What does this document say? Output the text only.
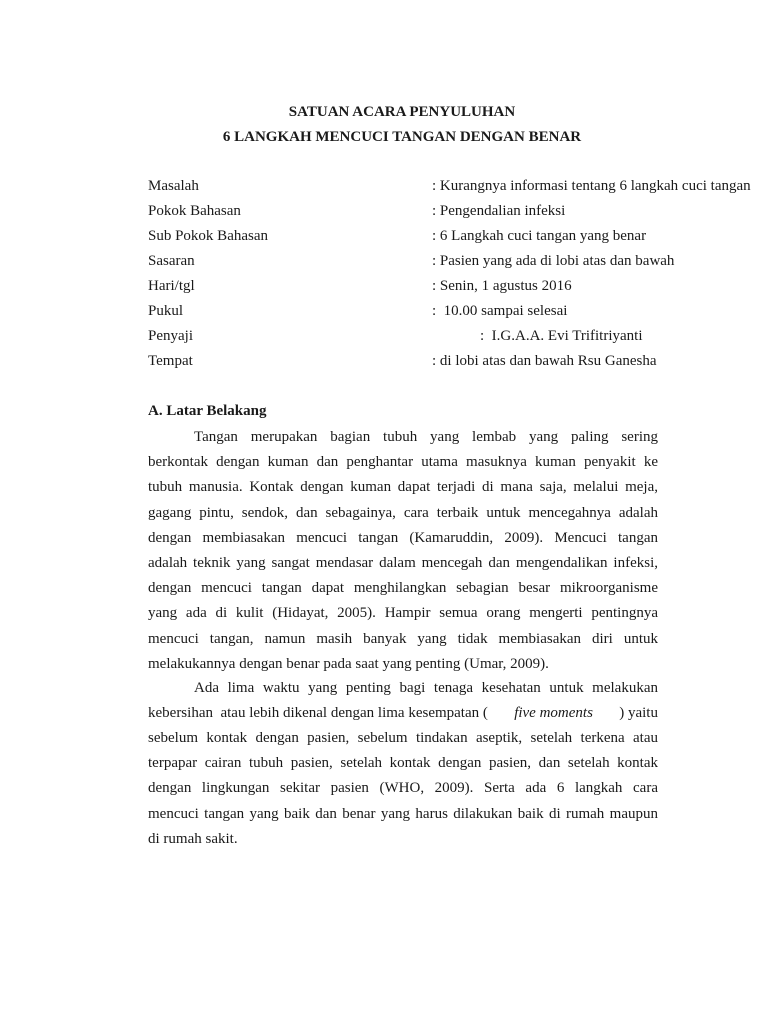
SATUAN ACARA PENYULUHAN
6 LANGKAH MENCUCI TANGAN DENGAN BENAR
Masalah	: Kurangnya informasi tentang 6 langkah cuci tangan
Pokok Bahasan	: Pengendalian infeksi
Sub Pokok Bahasan	: 6 Langkah cuci tangan yang benar
Sasaran	: Pasien yang ada di lobi atas dan bawah
Hari/tgl	: Senin, 1 agustus 2016
Pukul	:  10.00 sampai selesai
Penyaji	:  I.G.A.A. Evi Trifitriyanti
Tempat	: di lobi atas dan bawah Rsu Ganesha
A. Latar Belakang
Tangan merupakan bagian tubuh yang lembab yang paling sering
berkontak dengan kuman dan penghantar utama masuknya kuman penyakit ke
tubuh manusia. Kontak dengan kuman dapat terjadi di mana saja, melalui meja,
gagang pintu, sendok, dan sebagainya, cara terbaik untuk mencegahnya adalah
dengan membiasakan mencuci tangan (Kamaruddin, 2009). Mencuci tangan
adalah teknik yang sangat mendasar dalam mencegah dan mengendalikan infeksi,
dengan mencuci tangan dapat menghilangkan sebagian besar mikroorganisme
yang ada di kulit (Hidayat, 2005). Hampir semua orang mengerti pentingnya
mencuci tangan, namun masih banyak yang tidak membiasakan diri untuk
melakukannya dengan benar pada saat yang penting (Umar, 2009).
Ada lima waktu yang penting bagi tenaga kesehatan untuk melakukan
kebersihan  atau lebih dikenal dengan lima kesempatan ( five moments ) yaitu
sebelum kontak dengan pasien, sebelum tindakan aseptik, setelah terkena atau
terpapar cairan tubuh pasien, setelah kontak dengan pasien, dan setelah kontak
dengan lingkungan sekitar pasien (WHO, 2009). Serta ada 6 langkah cara
mencuci tangan yang baik dan benar yang harus dilakukan baik di rumah maupun
di rumah sakit.
